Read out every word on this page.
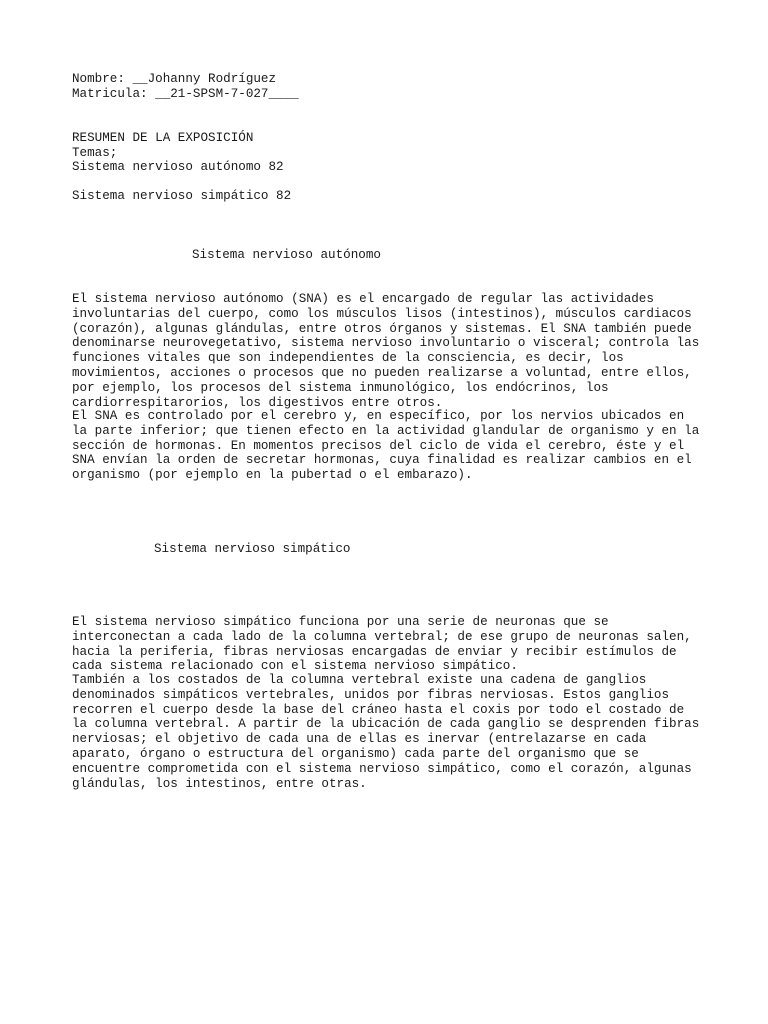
Nombre: __Johanny Rodríguez
Matricula: __21-SPSM-7-027____
RESUMEN DE LA EXPOSICIÓN
Temas;
Sistema nervioso autónomo 82
Sistema nervioso simpático 82
Sistema nervioso autónomo
El sistema nervioso autónomo (SNA) es el encargado de regular las actividades
involuntarias del cuerpo, como los músculos lisos (intestinos), músculos cardiacos
(corazón), algunas glándulas, entre otros órganos y sistemas. El SNA también puede
denominarse neurovegetativo, sistema nervioso involuntario o visceral; controla las
funciones vitales que son independientes de la consciencia, es decir, los
movimientos, acciones o procesos que no pueden realizarse a voluntad, entre ellos,
por ejemplo, los procesos del sistema inmunológico, los endócrinos, los
cardiorrespitarorios, los digestivos entre otros.
El SNA es controlado por el cerebro y, en específico, por los nervios ubicados en
la parte inferior; que tienen efecto en la actividad glandular de organismo y en la
sección de hormonas. En momentos precisos del ciclo de vida el cerebro, éste y el
SNA envían la orden de secretar hormonas, cuya finalidad es realizar cambios en el
organismo (por ejemplo en la pubertad o el embarazo).
Sistema nervioso simpático
El sistema nervioso simpático funciona por una serie de neuronas que se
interconectan a cada lado de la columna vertebral; de ese grupo de neuronas salen,
hacia la periferia, fibras nerviosas encargadas de enviar y recibir estímulos de
cada sistema relacionado con el sistema nervioso simpático.
También a los costados de la columna vertebral existe una cadena de ganglios
denominados simpáticos vertebrales, unidos por fibras nerviosas. Estos ganglios
recorren el cuerpo desde la base del cráneo hasta el coxis por todo el costado de
la columna vertebral. A partir de la ubicación de cada ganglio se desprenden fibras
nerviosas; el objetivo de cada una de ellas es inervar (entrelazarse en cada
aparato, órgano o estructura del organismo) cada parte del organismo que se
encuentre comprometida con el sistema nervioso simpático, como el corazón, algunas
glándulas, los intestinos, entre otras.
